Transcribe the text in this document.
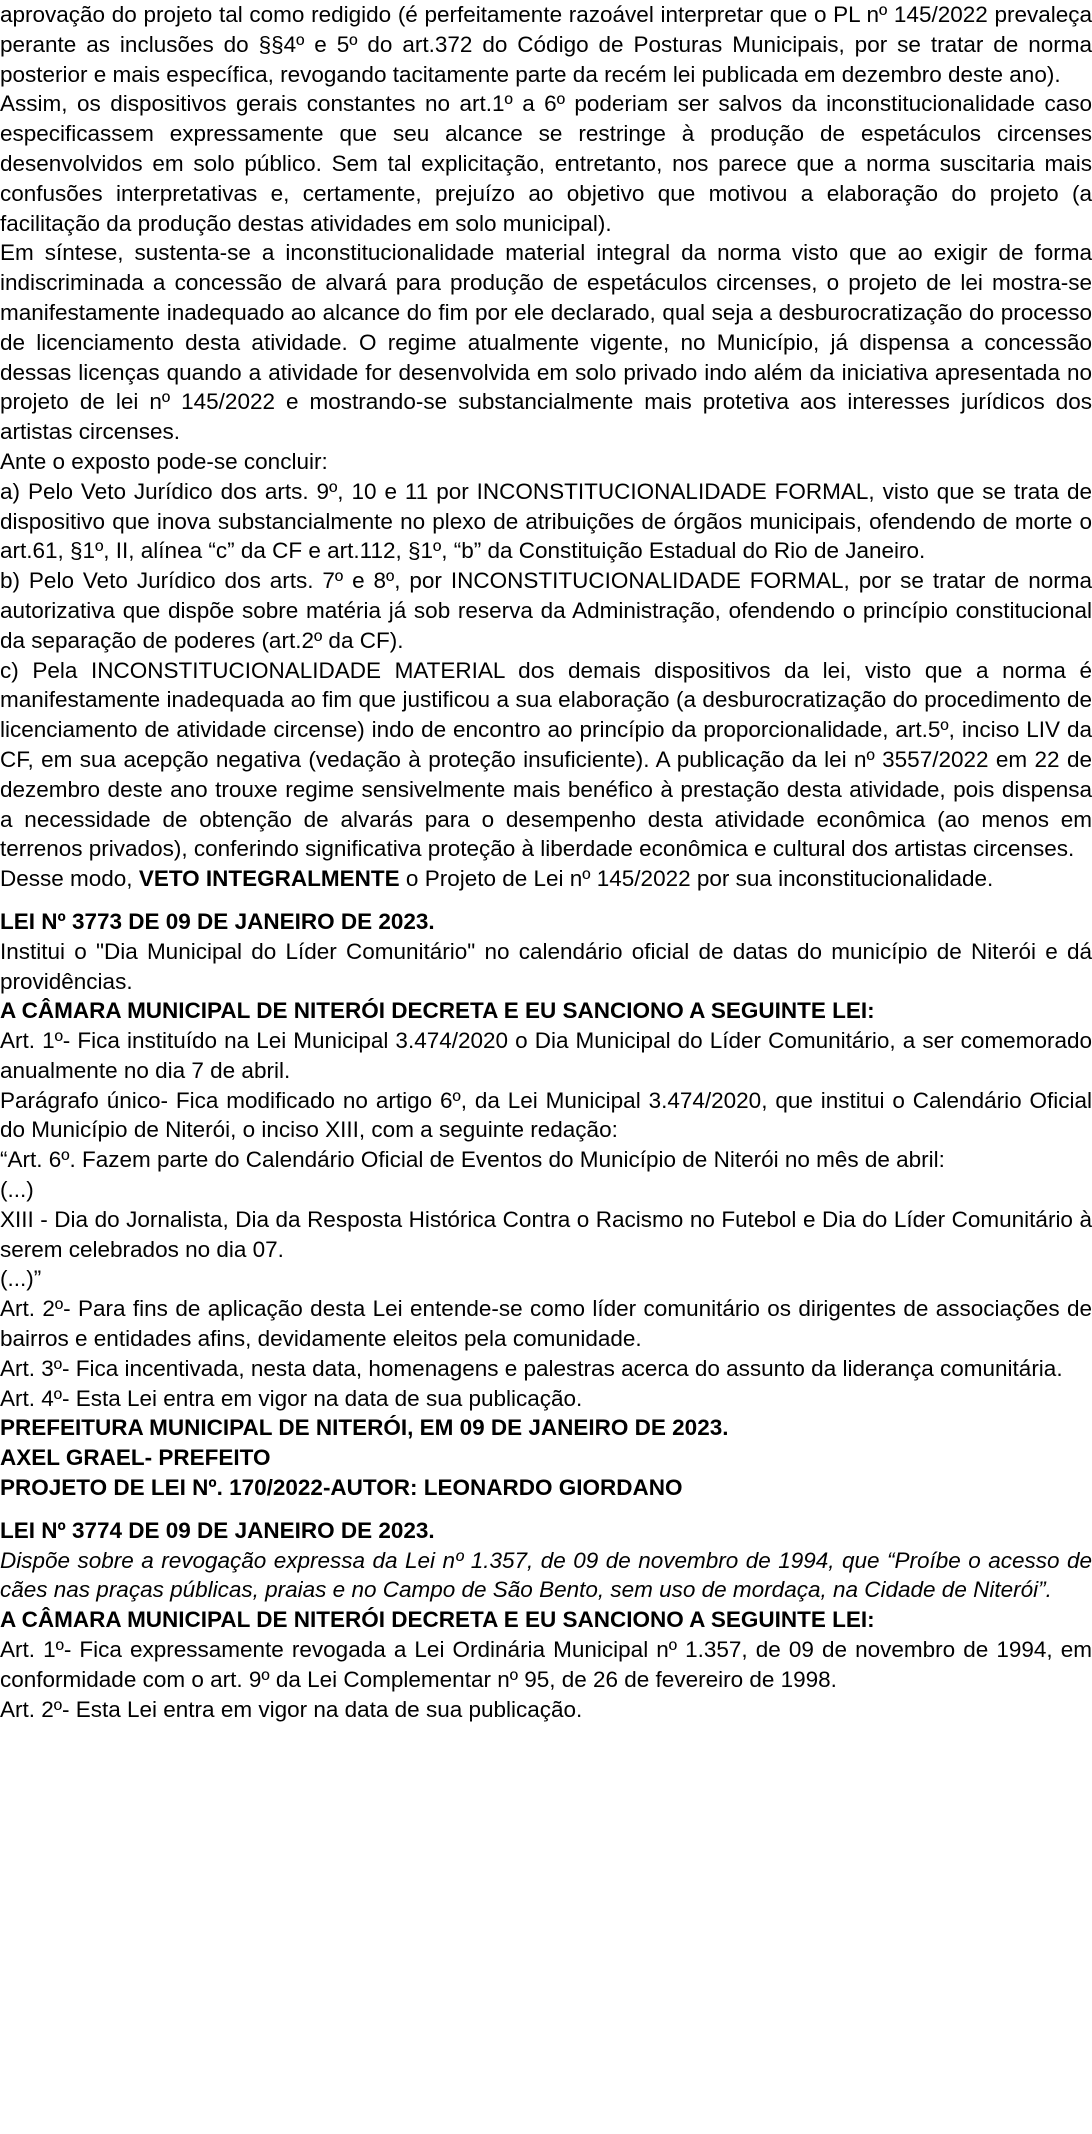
aprovação do projeto tal como redigido (é perfeitamente razoável interpretar que o PL nº 145/2022 prevaleça perante as inclusões do §§4º e 5º do art.372 do Código de Posturas Municipais, por se tratar de norma posterior e mais específica, revogando tacitamente parte da recém lei publicada em dezembro deste ano).

Assim, os dispositivos gerais constantes no art.1º a 6º poderiam ser salvos da inconstitucionalidade caso especificassem expressamente que seu alcance se restringe à produção de espetáculos circenses desenvolvidos em solo público. Sem tal explicitação, entretanto, nos parece que a norma suscitaria mais confusões interpretativas e, certamente, prejuízo ao objetivo que motivou a elaboração do projeto (a facilitação da produção destas atividades em solo municipal).

Em síntese, sustenta-se a inconstitucionalidade material integral da norma visto que ao exigir de forma indiscriminada a concessão de alvará para produção de espetáculos circenses, o projeto de lei mostra-se manifestamente inadequado ao alcance do fim por ele declarado, qual seja a desburocratização do processo de licenciamento desta atividade. O regime atualmente vigente, no Município, já dispensa a concessão dessas licenças quando a atividade for desenvolvida em solo privado indo além da iniciativa apresentada no projeto de lei nº 145/2022 e mostrando-se substancialmente mais protetiva aos interesses jurídicos dos artistas circenses.

Ante o exposto pode-se concluir:

a) Pelo Veto Jurídico dos arts. 9º, 10 e 11 por INCONSTITUCIONALIDADE FORMAL, visto que se trata de dispositivo que inova substancialmente no plexo de atribuições de órgãos municipais, ofendendo de morte o art.61, §1º, II, alínea “c” da CF e art.112, §1º, “b” da Constituição Estadual do Rio de Janeiro.

b) Pelo Veto Jurídico dos arts. 7º e 8º, por INCONSTITUCIONALIDADE FORMAL, por se tratar de norma autorizativa que dispõe sobre matéria já sob reserva da Administração, ofendendo o princípio constitucional da separação de poderes (art.2º da CF).

c) Pela INCONSTITUCIONALIDADE MATERIAL dos demais dispositivos da lei, visto que a norma é manifestamente inadequada ao fim que justificou a sua elaboração (a desburocratização do procedimento de licenciamento de atividade circense) indo de encontro ao princípio da proporcionalidade, art.5º, inciso LIV da CF, em sua acepção negativa (vedação à proteção insuficiente). A publicação da lei nº 3557/2022 em 22 de dezembro deste ano trouxe regime sensivelmente mais benéfico à prestação desta atividade, pois dispensa a necessidade de obtenção de alvarás para o desempenho desta atividade econômica (ao menos em terrenos privados), conferindo significativa proteção à liberdade econômica e cultural dos artistas circenses.

Desse modo, VETO INTEGRALMENTE o Projeto de Lei nº 145/2022 por sua inconstitucionalidade.

LEI Nº 3773 DE 09 DE JANEIRO DE 2023.

Institui o "Dia Municipal do Líder Comunitário" no calendário oficial de datas do município de Niterói e dá providências.

A CÂMARA MUNICIPAL DE NITERÓI DECRETA E EU SANCIONO A SEGUINTE LEI:

Art. 1º- Fica instituído na Lei Municipal 3.474/2020 o Dia Municipal do Líder Comunitário, a ser comemorado anualmente no dia 7 de abril.

Parágrafo único- Fica modificado no artigo 6º, da Lei Municipal 3.474/2020, que institui o Calendário Oficial do Município de Niterói, o inciso XIII, com a seguinte redação:

“Art. 6º. Fazem parte do Calendário Oficial de Eventos do Município de Niterói no mês de abril:

(...)

XIII - Dia do Jornalista, Dia da Resposta Histórica Contra o Racismo no Futebol e Dia do Líder Comunitário à serem celebrados no dia 07.

(...)”

Art. 2º- Para fins de aplicação desta Lei entende-se como líder comunitário os dirigentes de associações de bairros e entidades afins, devidamente eleitos pela comunidade.

Art. 3º- Fica incentivada, nesta data, homenagens e palestras acerca do assunto da liderança comunitária.

Art. 4º- Esta Lei entra em vigor na data de sua publicação.

PREFEITURA MUNICIPAL DE NITERÓI, EM 09 DE JANEIRO DE 2023.

AXEL GRAEL- PREFEITO

PROJETO DE LEI Nº. 170/2022-AUTOR: LEONARDO GIORDANO

LEI Nº 3774 DE 09 DE JANEIRO DE 2023.

Dispõe sobre a revogação expressa da Lei nº 1.357, de 09 de novembro de 1994, que “Proíbe o acesso de cães nas praças públicas, praias e no Campo de São Bento, sem uso de mordaça, na Cidade de Niterói”.

A CÂMARA MUNICIPAL DE NITERÓI DECRETA E EU SANCIONO A SEGUINTE LEI:

Art. 1º- Fica expressamente revogada a Lei Ordinária Municipal nº 1.357, de 09 de novembro de 1994, em conformidade com o art. 9º da Lei Complementar nº 95, de 26 de fevereiro de 1998.

Art. 2º- Esta Lei entra em vigor na data de sua publicação.
